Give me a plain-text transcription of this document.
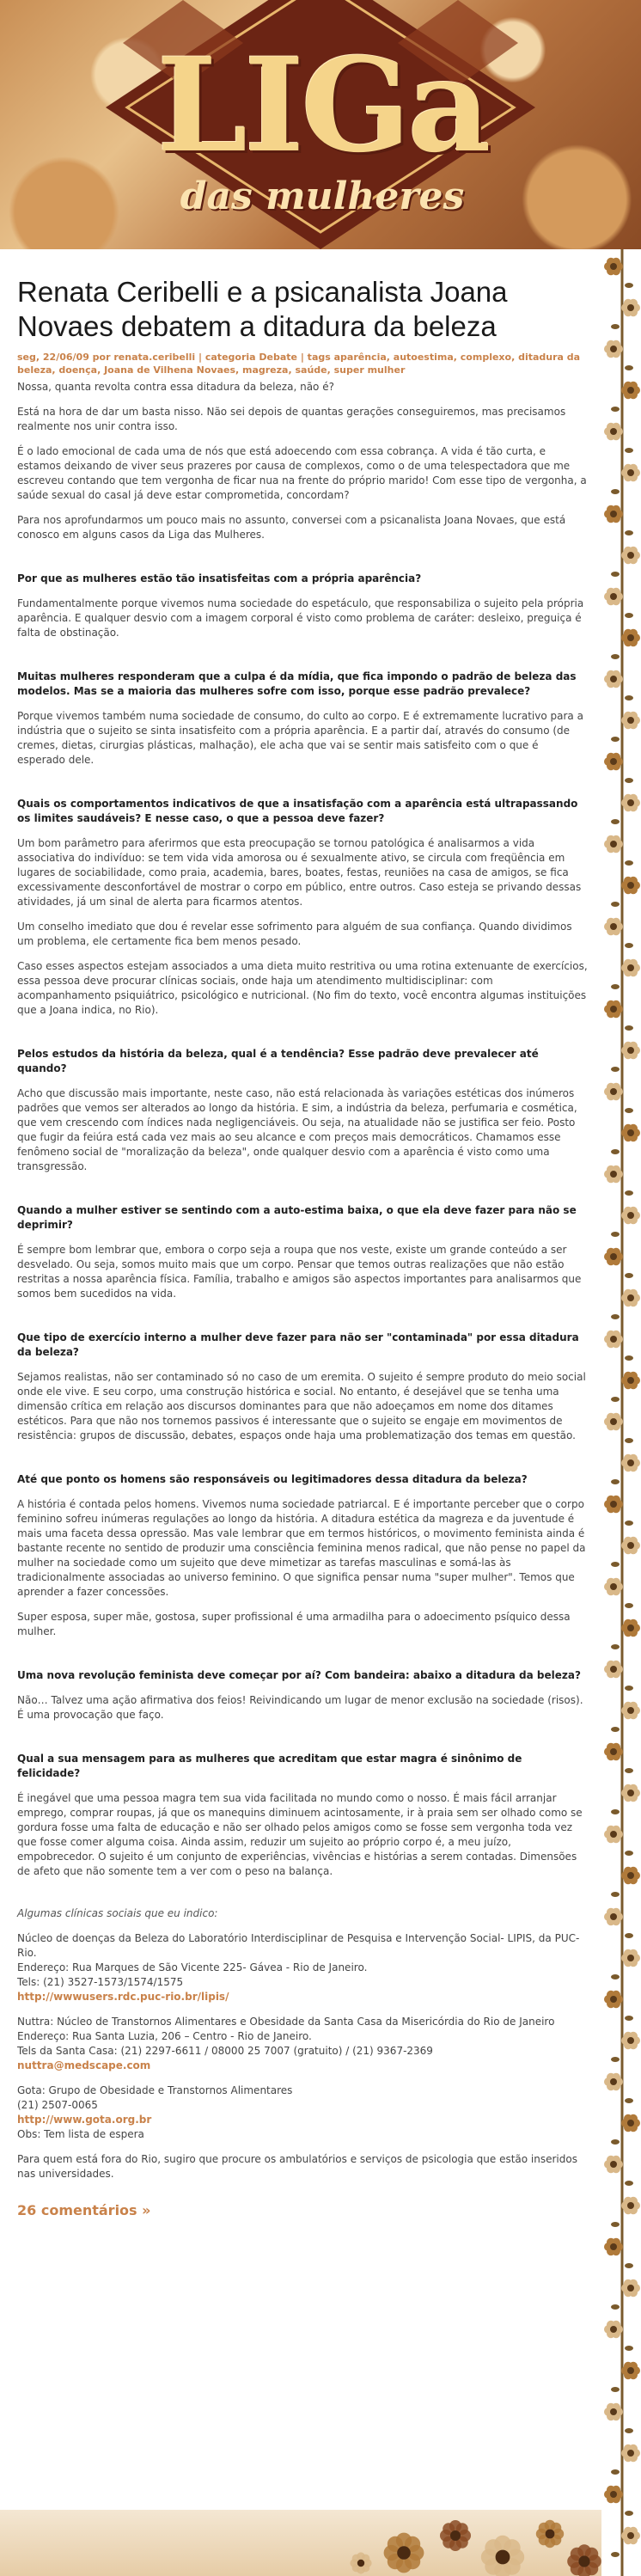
LIGa
das mulheres
Renata Ceribelli e a psicanalista Joana Novaes debatem a ditadura da beleza
seg, 22/06/09 por renata.ceribelli | categoria Debate | tags aparência, autoestima, complexo, ditadura da beleza, doença, Joana de Vilhena Novaes, magreza, saúde, super mulher

Nossa, quanta revolta contra essa ditadura da beleza, não é?

Está na hora de dar um basta nisso. Não sei depois de quantas gerações conseguiremos, mas precisamos realmente nos unir contra isso.

É o lado emocional de cada uma de nós que está adoecendo com essa cobrança. A vida é tão curta, e estamos deixando de viver seus prazeres por causa de complexos, como o de uma telespectadora que me escreveu contando que tem vergonha de ficar nua na frente do próprio marido! Com esse tipo de vergonha, a saúde sexual do casal já deve estar comprometida, concordam?

Para nos aprofundarmos um pouco mais no assunto, conversei com a psicanalista Joana Novaes, que está conosco em alguns casos da Liga das Mulheres.

Por que as mulheres estão tão insatisfeitas com a própria aparência?

Fundamentalmente porque vivemos numa sociedade do espetáculo, que responsabiliza o sujeito pela própria aparência. E qualquer desvio com a imagem corporal é visto como problema de caráter: desleixo, preguiça é falta de obstinação.

Muitas mulheres responderam que a culpa é da mídia, que fica impondo o padrão de beleza das modelos. Mas se a maioria das mulheres sofre com isso, porque esse padrão prevalece?

Porque vivemos também numa sociedade de consumo, do culto ao corpo. E é extremamente lucrativo para a indústria que o sujeito se sinta insatisfeito com a própria aparência. E a partir daí, através do consumo (de cremes, dietas, cirurgias plásticas, malhação), ele acha que vai se sentir mais satisfeito com o que é esperado dele.

Quais os comportamentos indicativos de que a insatisfação com a aparência está ultrapassando os limites saudáveis? E nesse caso, o que a pessoa deve fazer?

Um bom parâmetro para aferirmos que esta preocupação se tornou patológica é analisarmos a vida associativa do indivíduo: se tem vida vida amorosa ou é sexualmente ativo, se circula com freqüência em lugares de sociabilidade, como praia, academia, bares, boates, festas, reuniões na casa de amigos, se fica excessivamente desconfortável de mostrar o corpo em público, entre outros. Caso esteja se privando dessas atividades, já um sinal de alerta para ficarmos atentos.

Um conselho imediato que dou é revelar esse sofrimento para alguém de sua confiança. Quando dividimos um problema, ele certamente fica bem menos pesado.

Caso esses aspectos estejam associados a uma dieta muito restritiva ou uma rotina extenuante de exercícios, essa pessoa deve procurar clínicas sociais, onde haja um atendimento multidisciplinar: com acompanhamento psiquiátrico, psicológico e nutricional. (No fim do texto, você encontra algumas instituições que a Joana indica, no Rio).

Pelos estudos da história da beleza, qual é a tendência? Esse padrão deve prevalecer até quando?

Acho que discussão mais importante, neste caso, não está relacionada às variações estéticas dos inúmeros padrões que vemos ser alterados ao longo da história. E sim, a indústria da beleza, perfumaria e cosmética, que vem crescendo com índices nada negligenciáveis. Ou seja, na atualidade não se justifica ser feio. Posto que fugir da feiúra está cada vez mais ao seu alcance e com preços mais democráticos. Chamamos esse fenômeno social de "moralização da beleza", onde qualquer desvio com a aparência é visto como uma transgressão.

Quando a mulher estiver se sentindo com a auto-estima baixa, o que ela deve fazer para não se deprimir?

É sempre bom lembrar que, embora o corpo seja a roupa que nos veste, existe um grande conteúdo a ser desvelado. Ou seja, somos muito mais que um corpo. Pensar que temos outras realizações que não estão restritas a nossa aparência física. Família, trabalho e amigos são aspectos importantes para analisarmos que somos bem sucedidos na vida.

Que tipo de exercício interno a mulher deve fazer para não ser "contaminada" por essa ditadura da beleza?

Sejamos realistas, não ser contaminado só no caso de um eremita. O sujeito é sempre produto do meio social onde ele vive. E seu corpo, uma construção histórica e social. No entanto, é desejável que se tenha uma dimensão crítica em relação aos discursos dominantes para que não adoeçamos em nome dos ditames estéticos. Para que não nos tornemos passivos é interessante que o sujeito se engaje em movimentos de resistência: grupos de discussão, debates, espaços onde haja uma problematização dos temas em questão.

Até que ponto os homens são responsáveis ou legitimadores dessa ditadura da beleza?

A história é contada pelos homens. Vivemos numa sociedade patriarcal. E é importante perceber que o corpo feminino sofreu inúmeras regulações ao longo da história. A ditadura estética da magreza e da juventude é mais uma faceta dessa opressão. Mas vale lembrar que em termos históricos, o movimento feminista ainda é bastante recente no sentido de produzir uma consciência feminina menos radical, que não pense no papel da mulher na sociedade como um sujeito que deve mimetizar as tarefas masculinas e somá-las às tradicionalmente associadas ao universo feminino. O que significa pensar numa "super mulher". Temos que aprender a fazer concessões.

Super esposa, super mãe, gostosa, super profissional é uma armadilha para o adoecimento psíquico dessa mulher.

Uma nova revolução feminista deve começar por aí? Com bandeira: abaixo a ditadura da beleza?

Não… Talvez uma ação afirmativa dos feios! Reivindicando um lugar de menor exclusão na sociedade (risos). É uma provocação que faço.

Qual a sua mensagem para as mulheres que acreditam que estar magra é sinônimo de felicidade?

É inegável que uma pessoa magra tem sua vida facilitada no mundo como o nosso. É mais fácil arranjar emprego, comprar roupas, já que os manequins diminuem acintosamente, ir à praia sem ser olhado como se gordura fosse uma falta de educação e não ser olhado pelos amigos como se fosse sem vergonha toda vez que fosse comer alguma coisa. Ainda assim, reduzir um sujeito ao próprio corpo é, a meu juízo, empobrecedor. O sujeito é um conjunto de experiências, vivências e histórias a serem contadas. Dimensões de afeto que não somente tem a ver com o peso na balança.

Algumas clínicas sociais que eu indico:
Núcleo de doenças da Beleza do Laboratório Interdisciplinar de Pesquisa e Intervenção Social- LIPIS, da PUC-Rio.
Endereço: Rua Marques de São Vicente 225- Gávea - Rio de Janeiro.
Tels: (21) 3527-1573/1574/1575
http://wwwusers.rdc.puc-rio.br/lipis/
Nuttra: Núcleo de Transtornos Alimentares e Obesidade da Santa Casa da Misericórdia do Rio de Janeiro
Endereço: Rua Santa Luzia, 206 – Centro - Rio de Janeiro.
Tels da Santa Casa: (21) 2297-6611 / 08000 25 7007 (gratuito) / (21) 9367-2369
nuttra@medscape.com
Gota: Grupo de Obesidade e Transtornos Alimentares
(21) 2507-0065
http://www.gota.org.br
Obs: Tem lista de espera
Para quem está fora do Rio, sugiro que procure os ambulatórios e serviços de psicologia que estão inseridos nas universidades.
26 comentários »
